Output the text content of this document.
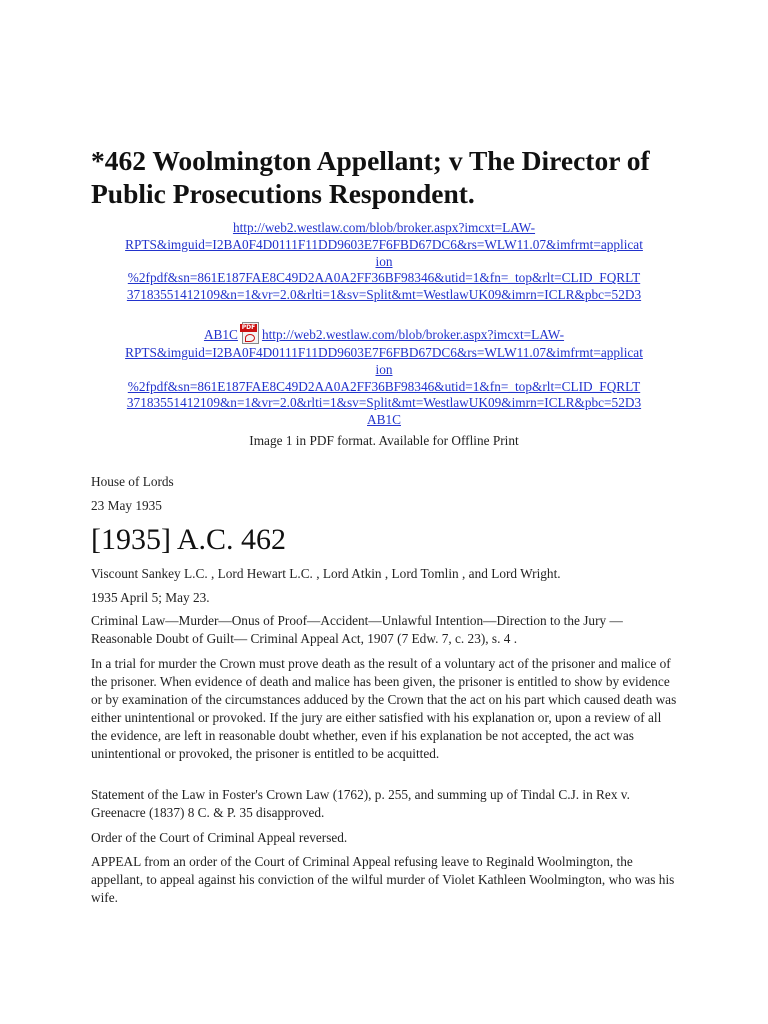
*462 Woolmington Appellant; v The Director of Public Prosecutions Respondent.
http://web2.westlaw.com/blob/broker.aspx?imcxt=LAW-
RPTS&imguid=I2BA0F4D0111F11DD9603E7F6FBD67DC6&rs=WLW11.07&imfrmt=applicat
ion
%2fpdf&sn=861E187FAE8C49D2AA0A2FF36BF98346&utid=1&fn=_top&rlt=CLID_FQRLT
37183551412109&n=1&vr=2.0&rlti=1&sv=Split&mt=WestlawUK09&imrn=ICLR&pbc=52D3
AB1C PDF http://web2.westlaw.com/blob/broker.aspx?imcxt=LAW-
RPTS&imguid=I2BA0F4D0111F11DD9603E7F6FBD67DC6&rs=WLW11.07&imfrmt=applicat
ion
%2fpdf&sn=861E187FAE8C49D2AA0A2FF36BF98346&utid=1&fn=_top&rlt=CLID_FQRLT
37183551412109&n=1&vr=2.0&rlti=1&sv=Split&mt=WestlawUK09&imrn=ICLR&pbc=52D3
AB1C
Image 1 in PDF format. Available for Offline Print

House of Lords

23 May 1935

[1935] A.C. 462

Viscount Sankey L.C. , Lord Hewart L.C. , Lord Atkin , Lord Tomlin , and Lord Wright.

1935 April 5; May 23.

Criminal Law—Murder—Onus of Proof—Accident—Unlawful Intention—Direction to the Jury —Reasonable Doubt of Guilt— Criminal Appeal Act, 1907 (7 Edw. 7, c. 23), s. 4 .

In a trial for murder the Crown must prove death as the result of a voluntary act of the prisoner and malice of the prisoner. When evidence of death and malice has been given, the prisoner is entitled to show by evidence or by examination of the circumstances adduced by the Crown that the act on his part which caused death was either unintentional or provoked. If the jury are either satisfied with his explanation or, upon a review of all the evidence, are left in reasonable doubt whether, even if his explanation be not accepted, the act was unintentional or provoked, the prisoner is entitled to be acquitted.

Statement of the Law in Foster's Crown Law (1762), p. 255, and summing up of Tindal C.J. in Rex v. Greenacre (1837) 8 C. & P. 35 disapproved.

Order of the Court of Criminal Appeal reversed.

APPEAL from an order of the Court of Criminal Appeal refusing leave to Reginald Woolmington, the appellant, to appeal against his conviction of the wilful murder of Violet Kathleen Woolmington, who was his wife.
